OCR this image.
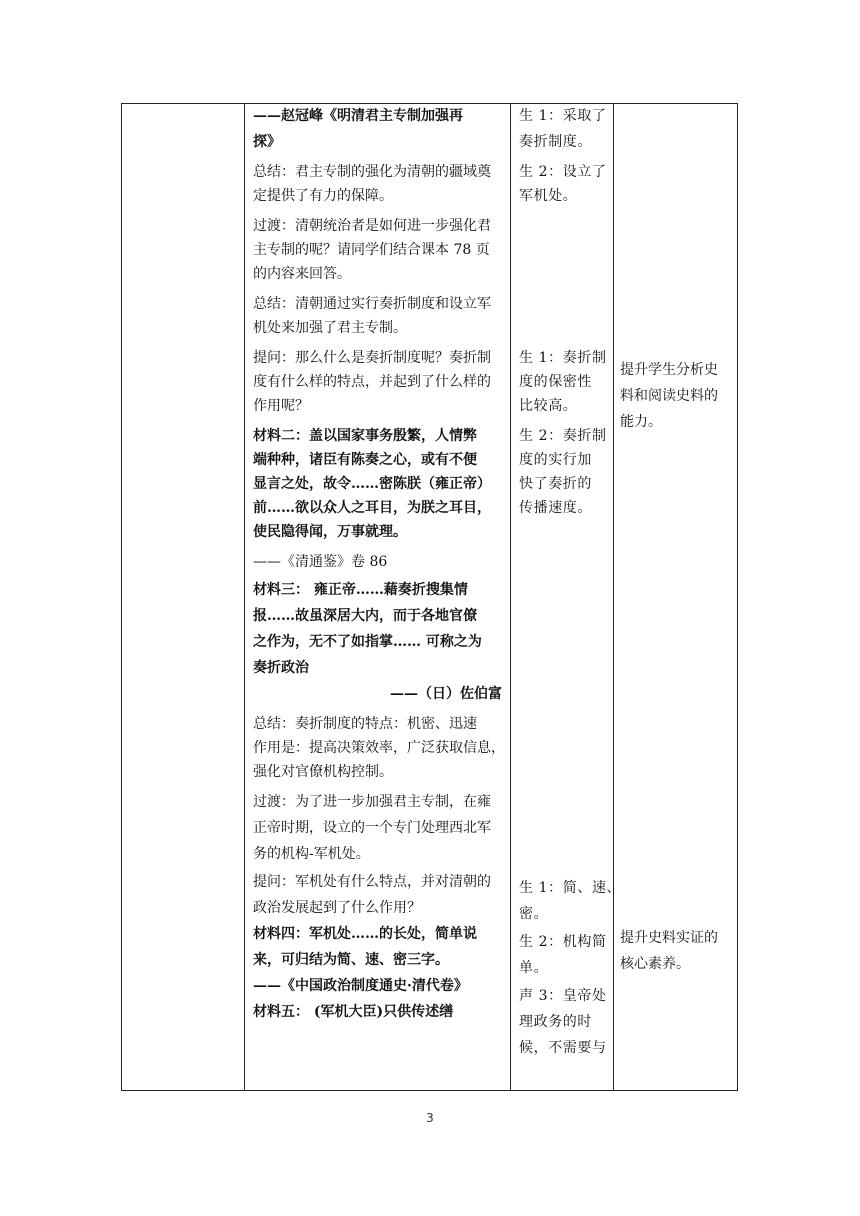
——赵冠峰《明清君主专制加强再
探》
总结：君主专制的强化为清朝的疆域奠
定提供了有力的保障。
过渡：清朝统治者是如何进一步强化君
主专制的呢？请同学们结合课本 78 页
的内容来回答。
总结：清朝通过实行奏折制度和设立军
机处来加强了君主专制。
提问：那么什么是奏折制度呢？奏折制
度有什么样的特点，并起到了什么样的
作用呢？
材料二：盖以国家事务殷繁，人情弊
端种种，诸臣有陈奏之心，或有不便
显言之处，故令……密陈朕（雍正帝）
前……欲以众人之耳目，为朕之耳目，
使民隐得闻，万事就理。
——《清通鉴》卷 86
材料三： 雍正帝……藉奏折搜集情
报……故虽深居大内，而于各地官僚
之作为，无不了如指掌…… 可称之为
奏折政治
——（日）佐伯富
总结：奏折制度的特点：机密、迅速
作用是：提高决策效率，广泛获取信息，
强化对官僚机构控制。
过渡：为了进一步加强君主专制，在雍
正帝时期，设立的一个专门处理西北军
务的机构-军机处。
提问：军机处有什么特点，并对清朝的
政治发展起到了什么作用？
材料四：军机处……的长处，简单说
来，可归结为简、速、密三字。
——《中国政治制度通史·清代卷》
材料五： (军机大臣)只供传述缮
生 1：采取了
奏折制度。
生 2：设立了
军机处。
生 1：奏折制
度的保密性
比较高。
生 2：奏折制
度的实行加
快了奏折的
传播速度。
生 1：简、速、
密。
生 2：机构简
单。
声 3：皇帝处
理政务的时
候，不需要与
提升学生分析史
料和阅读史料的
能力。
提升史料实证的
核心素养。
3
